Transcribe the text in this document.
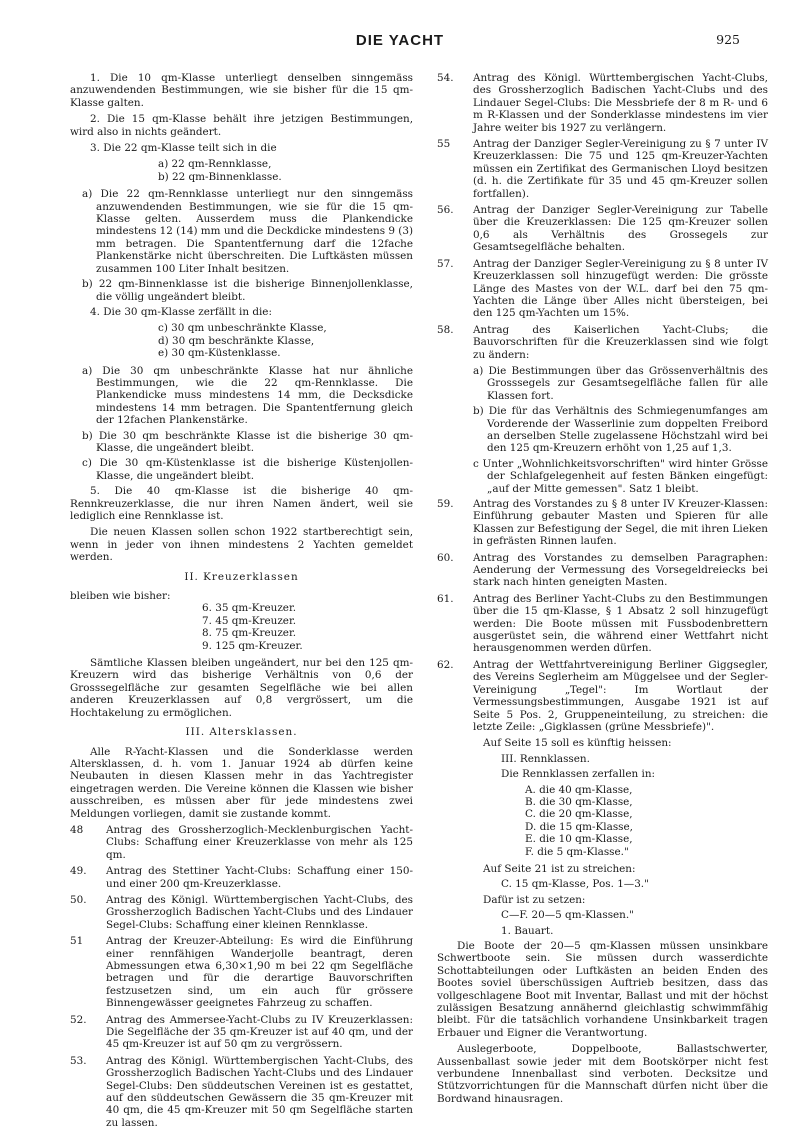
DIE YACHT	925

1. Die 10 qm-Klasse unterliegt denselben sinngemäss anzuwendenden Bestimmungen, wie sie bisher für die 15 qm-Klasse galten.

2. Die 15 qm-Klasse behält ihre jetzigen Bestimmungen, wird also in nichts geändert.

3. Die 22 qm-Klasse teilt sich in die

a) 22 qm-Rennklasse,
b) 22 qm-Binnenklasse.

a) Die 22 qm-Rennklasse unterliegt nur den sinngemäss anzuwendenden Bestimmungen, wie sie für die 15 qm-Klasse gelten. Ausserdem muss die Plankendicke mindestens 12 (14) mm und die Deckdicke mindestens 9 (3) mm betragen. Die Spantentfernung darf die 12fache Plankenstärke nicht überschreiten. Die Luftkästen müssen zusammen 100 Liter Inhalt besitzen.

b) 22 qm-Binnenklasse ist die bisherige Binnenjollenklasse, die völlig ungeändert bleibt.

4. Die 30 qm-Klasse zerfällt in die:

c) 30 qm unbeschränkte Klasse,
d) 30 qm beschränkte Klasse,
e) 30 qm-Küstenklasse.

a) Die 30 qm unbeschränkte Klasse hat nur ähnliche Bestimmungen, wie die 22 qm-Rennklasse. Die Plankendicke muss mindestens 14 mm, die Decksdicke mindestens 14 mm betragen. Die Spantentfernung gleich der 12fachen Plankenstärke.

b) Die 30 qm beschränkte Klasse ist die bisherige 30 qm-Klasse, die ungeändert bleibt.

c) Die 30 qm-Küstenklasse ist die bisherige Küstenjollen-Klasse, die ungeändert bleibt.

5. Die 40 qm-Klasse ist die bisherige 40 qm-Rennkreuzerklasse, die nur ihren Namen ändert, weil sie lediglich eine Rennklasse ist.

Die neuen Klassen sollen schon 1922 startberechtigt sein, wenn in jeder von ihnen mindestens 2 Yachten gemeldet werden.

II. Kreuzerklassen
bleiben wie bisher:
6. 35 qm-Kreuzer.
7. 45 qm-Kreuzer.
8. 75 qm-Kreuzer.
9. 125 qm-Kreuzer.

Sämtliche Klassen bleiben ungeändert, nur bei den 125 qm-Kreuzern wird das bisherige Verhältnis von 0,6 der Grosssegelfläche zur gesamten Segelfläche wie bei allen anderen Kreuzerklassen auf 0,8 vergrössert, um die Hochtakelung zu ermöglichen.

III. Altersklassen.

Alle R-Yacht-Klassen und die Sonderklasse werden Altersklassen, d. h. vom 1. Januar 1924 ab dürfen keine Neubauten in diesen Klassen mehr in das Yachtregister eingetragen werden. Die Vereine können die Klassen wie bisher ausschreiben, es müssen aber für jede mindestens zwei Meldungen vorliegen, damit sie zustande kommt.

48	Antrag des Grossherzoglich-Mecklenburgischen Yacht-Clubs: Schaffung einer Kreuzerklasse von mehr als 125 qm.
49.	Antrag des Stettiner Yacht-Clubs: Schaffung einer 150- und einer 200 qm-Kreuzerklasse.
50.	Antrag des Königl. Württembergischen Yacht-Clubs, des Grossherzoglich Badischen Yacht-Clubs und des Lindauer Segel-Clubs: Schaffung einer kleinen Rennklasse.
51	Antrag der Kreuzer-Abteilung: Es wird die Einführung einer rennfähigen Wanderjolle beantragt, deren Abmessungen etwa 6,30×1,90 m bei 22 qm Segelfläche betragen und für die derartige Bauvorschriften festzusetzen sind, um ein auch für grössere Binnengewässer geeignetes Fahrzeug zu schaffen.
52.	Antrag des Ammersee-Yacht-Clubs zu IV Kreuzerklassen: Die Segelfläche der 35 qm-Kreuzer ist auf 40 qm, und der 45 qm-Kreuzer ist auf 50 qm zu vergrössern.
53.	Antrag des Königl. Württembergischen Yacht-Clubs, des Grossherzoglich Badischen Yacht-Clubs und des Lindauer Segel-Clubs: Den süddeutschen Vereinen ist es gestattet, auf den süddeutschen Gewässern die 35 qm-Kreuzer mit 40 qm, die 45 qm-Kreuzer mit 50 qm Segelfläche starten zu lassen.
54.	Antrag des Königl. Württembergischen Yacht-Clubs, des Grossherzoglich Badischen Yacht-Clubs und des Lindauer Segel-Clubs: Die Messbriefe der 8 m R- und 6 m R-Klassen und der Sonderklasse mindestens im vier Jahre weiter bis 1927 zu verlängern.
55	Antrag der Danziger Segler-Vereinigung zu § 7 unter IV Kreuzerklassen: Die 75 und 125 qm-Kreuzer-Yachten müssen ein Zertifikat des Germanischen Lloyd besitzen (d. h. die Zertifikate für 35 und 45 qm-Kreuzer sollen fortfallen).
56.	Antrag der Danziger Segler-Vereinigung zur Tabelle über die Kreuzerklassen: Die 125 qm-Kreuzer sollen 0,6 als Verhältnis des Grossegels zur Gesamtsegelfläche behalten.
57.	Antrag der Danziger Segler-Vereinigung zu § 8 unter IV Kreuzerklassen soll hinzugefügt werden: Die grösste Länge des Mastes von der W.L. darf bei den 75 qm-Yachten die Länge über Alles nicht übersteigen, bei den 125 qm-Yachten um 15%.
58.	Antrag des Kaiserlichen Yacht-Clubs; die Bauvorschriften für die Kreuzerklassen sind wie folgt zu ändern:

a) Die Bestimmungen über das Grössenverhältnis des Grosssegels zur Gesamtsegelfläche fallen für alle Klassen fort.

b) Die für das Verhältnis des Schmiegenumfanges am Vorderende der Wasserlinie zum doppelten Freibord an derselben Stelle zugelassene Höchstzahl wird bei den 125 qm-Kreuzern erhöht von 1,25 auf 1,3.

c Unter „Wohnlichkeitsvorschriften" wird hinter Grösse der Schlafgelegenheit auf festen Bänken eingefügt: „auf der Mitte gemessen". Satz 1 bleibt.

59.	Antrag des Vorstandes zu § 8 unter IV Kreuzer-Klassen: Einführung gebauter Masten und Spieren für alle Klassen zur Befestigung der Segel, die mit ihren Lieken in gefrästen Rinnen laufen.
60.	Antrag des Vorstandes zu demselben Paragraphen: Aenderung der Vermessung des Vorsegeldreiecks bei stark nach hinten geneigten Masten.
61.	Antrag des Berliner Yacht-Clubs zu den Bestimmungen über die 15 qm-Klasse, § 1 Absatz 2 soll hinzugefügt werden: Die Boote müssen mit Fussbodenbrettern ausgerüstet sein, die während einer Wettfahrt nicht herausgenommen werden dürfen.
62.	Antrag der Wettfahrtvereinigung Berliner Giggsegler, des Vereins Seglerheim am Müggelsee und der Segler-Vereinigung „Tegel": Im Wortlaut der Vermessungsbestimmungen, Ausgabe 1921 ist auf Seite 5 Pos. 2, Gruppeneinteilung, zu streichen: die letzte Zeile: „Gigklassen (grüne Messbriefe)".
Auf Seite 15 soll es künftig heissen:
III. Rennklassen.
Die Rennklassen zerfallen in:
A. die 40 qm-Klasse,
B. die 30 qm-Klasse,
C. die 20 qm-Klasse,
D. die 15 qm-Klasse,
E. die 10 qm-Klasse,
F. die 5 qm-Klasse."
Auf Seite 21 ist zu streichen:
C. 15 qm-Klasse, Pos. 1—3."
Dafür ist zu setzen:
C—F. 20—5 qm-Klassen."
1. Bauart.

Die Boote der 20—5 qm-Klassen müssen unsinkbare Schwertboote sein. Sie müssen durch wasserdichte Schottabteilungen oder Luftkästen an beiden Enden des Bootes soviel überschüssigen Auftrieb besitzen, dass das vollgeschlagene Boot mit Inventar, Ballast und mit der höchst zulässigen Besatzung annähernd gleichlastig schwimmfähig bleibt. Für die tatsächlich vorhandene Unsinkbarkeit tragen Erbauer und Eigner die Verantwortung.

Auslegerboote, Doppelboote, Ballastschwerter, Aussenballast sowie jeder mit dem Bootskörper nicht fest verbundene Innenballast sind verboten. Decksitze und Stützvorrichtungen für die Mannschaft dürfen nicht über die Bordwand hinausragen.
